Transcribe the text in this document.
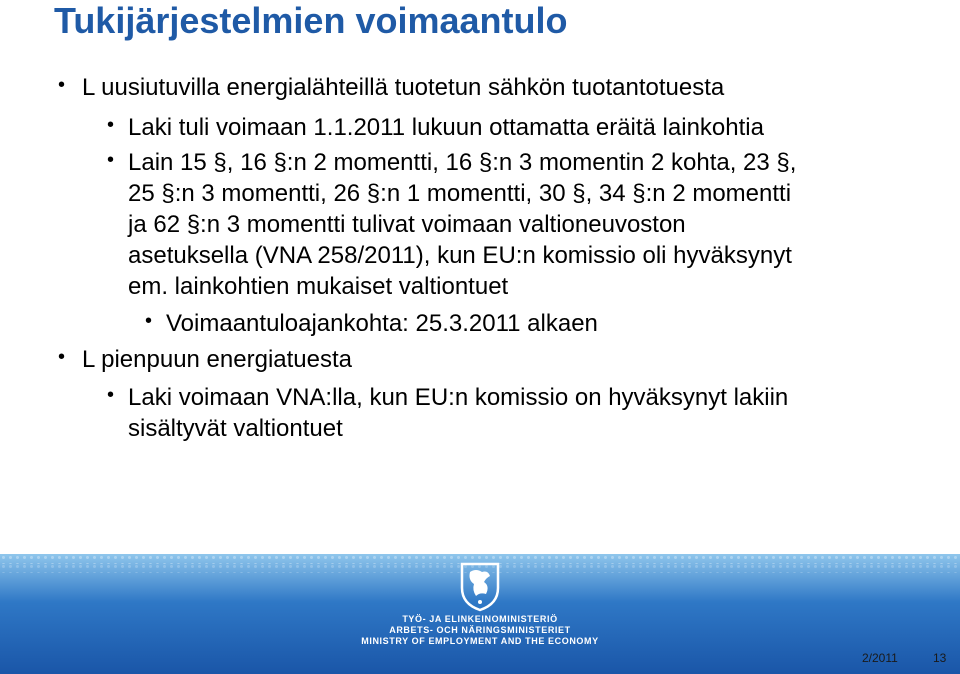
Tukijärjestelmien voimaantulo
• L uusiutuvilla energialähteillä tuotetun sähkön tuotantotuesta
• Laki tuli voimaan 1.1.2011 lukuun ottamatta eräitä lainkohtia
• Lain 15 §, 16 §:n 2 momentti, 16 §:n 3 momentin 2 kohta, 23 §,
25 §:n 3 momentti, 26 §:n 1 momentti, 30 §, 34 §:n 2 momentti
ja 62 §:n 3 momentti tulivat voimaan valtioneuvoston
asetuksella (VNA 258/2011), kun EU:n komissio oli hyväksynyt
em. lainkohtien mukaiset valtiontuet
• Voimaantuloajankohta: 25.3.2011 alkaen
• L pienpuun energiatuesta
• Laki voimaan VNA:lla, kun EU:n komissio on hyväksynyt lakiin
sisältyvät valtiontuet
TYÖ- JA ELINKEINOMINISTERIÖ
ARBETS- OCH NÄRINGSMINISTERIET
MINISTRY OF EMPLOYMENT AND THE ECONOMY
2/2011	13
